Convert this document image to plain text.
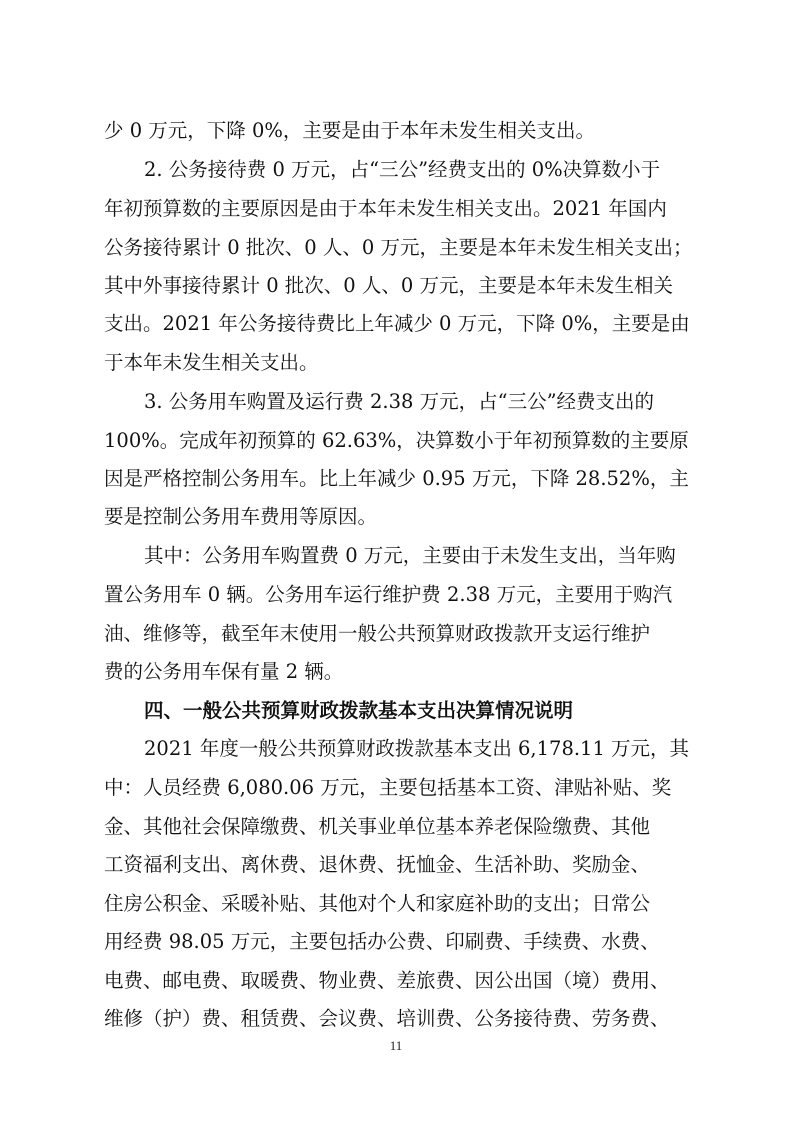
少 0 万元，下降 0%，主要是由于本年未发生相关支出。
2. 公务接待费 0 万元，占“三公”经费支出的 0%决算数小于
年初预算数的主要原因是由于本年未发生相关支出。2021 年国内
公务接待累计 0 批次、0 人、0 万元，主要是本年未发生相关支出；
其中外事接待累计 0 批次、0 人、0 万元，主要是本年未发生相关
支出。2021 年公务接待费比上年减少 0 万元，下降 0%，主要是由
于本年未发生相关支出。
3. 公务用车购置及运行费 2.38 万元，占“三公”经费支出的
100%。完成年初预算的 62.63%，决算数小于年初预算数的主要原
因是严格控制公务用车。比上年减少 0.95 万元，下降 28.52%，主
要是控制公务用车费用等原因。
其中：公务用车购置费 0 万元，主要由于未发生支出，当年购
置公务用车 0 辆。公务用车运行维护费 2.38 万元，主要用于购汽
油、维修等，截至年末使用一般公共预算财政拨款开支运行维护
费的公务用车保有量 2 辆。
四、一般公共预算财政拨款基本支出决算情况说明
2021 年度一般公共预算财政拨款基本支出 6,178.11 万元，其
中：人员经费 6,080.06 万元，主要包括基本工资、津贴补贴、奖
金、其他社会保障缴费、机关事业单位基本养老保险缴费、其他
工资福利支出、离休费、退休费、抚恤金、生活补助、奖励金、
住房公积金、采暖补贴、其他对个人和家庭补助的支出；日常公
用经费 98.05 万元，主要包括办公费、印刷费、手续费、水费、
电费、邮电费、取暖费、物业费、差旅费、因公出国（境）费用、
维修（护）费、租赁费、会议费、培训费、公务接待费、劳务费、
11
